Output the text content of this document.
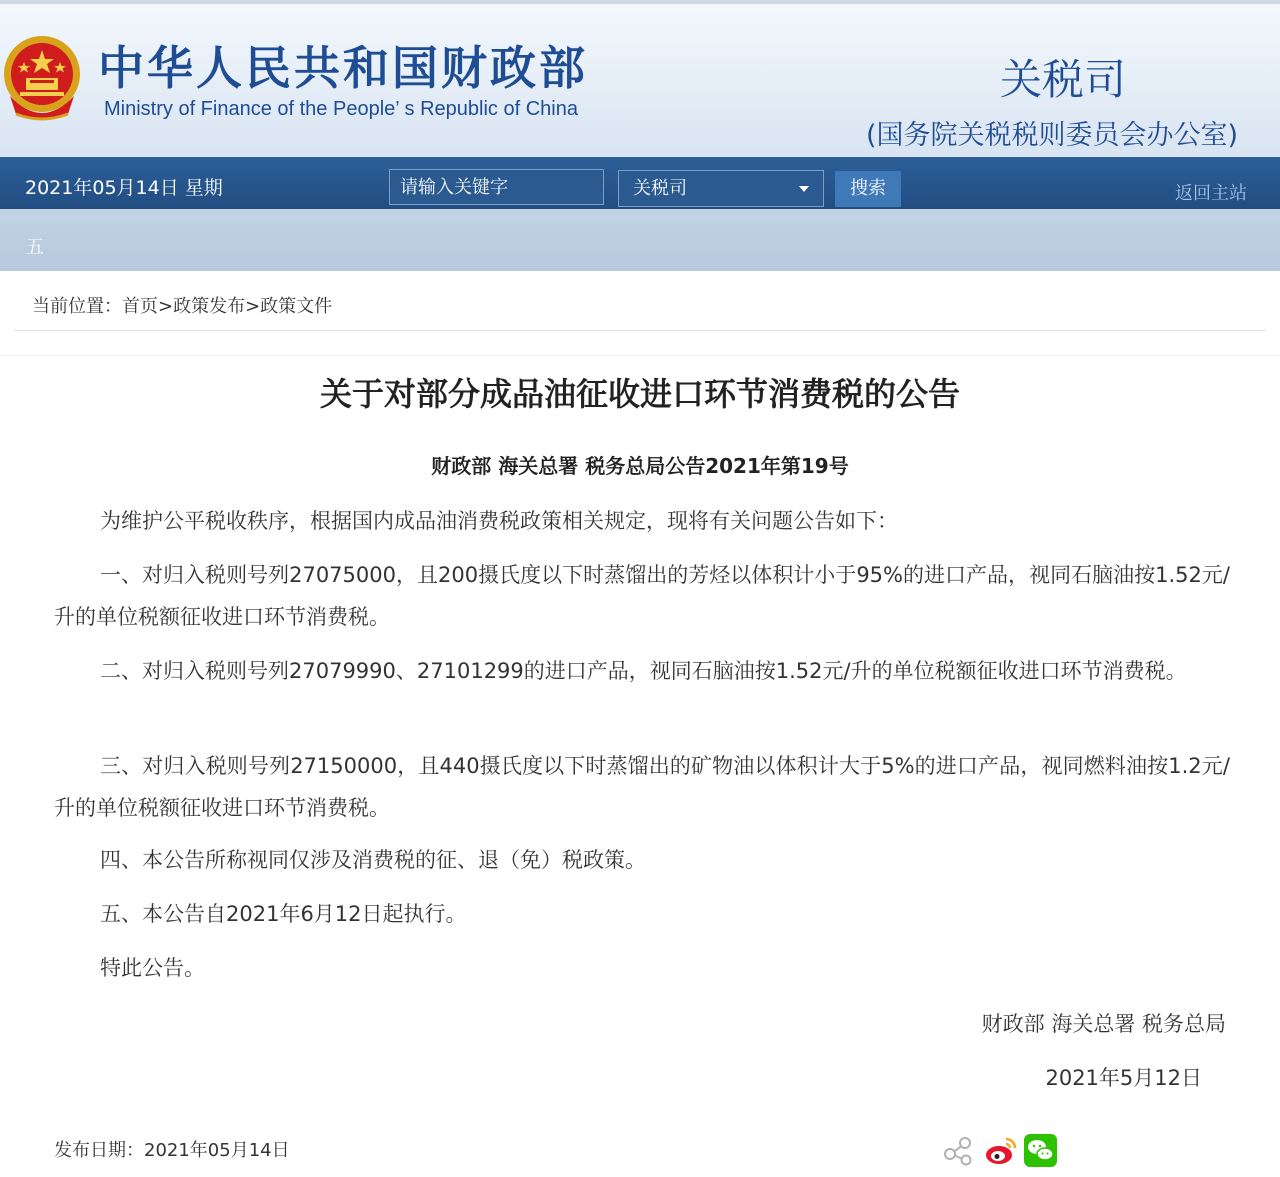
中华人民共和国财政部
Ministry of Finance of the People’ s Republic of China
关税司
(国务院关税税则委员会办公室)
2021年05月14日 星期
请输入关键字	关税司	搜索	返回主站
五
当前位置：首页>政策发布>政策文件
关于对部分成品油征收进口环节消费税的公告
财政部 海关总署 税务总局公告2021年第19号

为维护公平税收秩序，根据国内成品油消费税政策相关规定，现将有关问题公告如下：

一、对归入税则号列27075000，且200摄氏度以下时蒸馏出的芳烃以体积计小于95%的进口产品，视同石脑油按1.52元/升的单位税额征收进口环节消费税。

二、对归入税则号列27079990、27101299的进口产品，视同石脑油按1.52元/升的单位税额征收进口环节消费税。

三、对归入税则号列27150000，且440摄氏度以下时蒸馏出的矿物油以体积计大于5%的进口产品，视同燃料油按1.2元/升的单位税额征收进口环节消费税。

四、本公告所称视同仅涉及消费税的征、退（免）税政策。

五、本公告自2021年6月12日起执行。

特此公告。

财政部 海关总署 税务总局
2021年5月12日
发布日期：2021年05月14日
